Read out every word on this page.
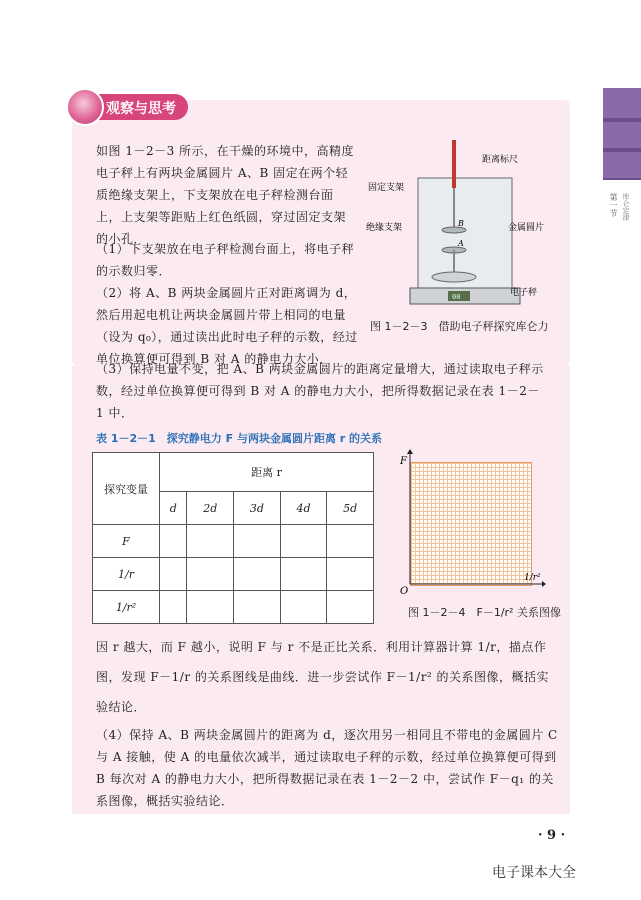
观察与思考
第一节 库仑定律
如图 1－2－3 所示，在干燥的环境中，高精度电子秤上有两块金属圆片 A、B 固定在两个轻质绝缘支架上，下支架放在电子秤检测台面上，上支架等距贴上红色纸圆，穿过固定支架的小孔．
（1）下支架放在电子秤检测台面上，将电子秤的示数归零．
（2）将 A、B 两块金属圆片正对距离调为 d，然后用起电机让两块金属圆片带上相同的电量（设为 q₀），通过读出此时电子秤的示数，经过单位换算便可得到 B 对 A 的静电力大小．
（3）保持电量不变，把 A、B 两块金属圆片的距离定量增大，通过读取电子秤示数，经过单位换算便可得到 B 对 A 的静电力大小，把所得数据记录在表 1－2－1 中．
00
B
A
距离标尺
固定支架
绝缘支架	金属圆片
电子秤
图 1－2－3　借助电子秤探究库仑力
表 1－2－1　探究静电力 F 与两块金属圆片距离 r 的关系
探究变量	距离 r				
	d	2d	3d	4d	5d
F					
1/r					
1/r²					
F
O
1/r²
图 1－2－4　F－1/r² 关系图像
因 r 越大，而 F 越小，说明 F 与 r 不是正比关系．利用计算器计算 1/r，描点作图，发现 F－1/r 的关系图线是曲线．进一步尝试作 F－1/r² 的关系图像，概括实验结论．
（4）保持 A、B 两块金属圆片的距离为 d，逐次用另一相同且不带电的金属圆片 C 与 A 接触，使 A 的电量依次减半，通过读取电子秤的示数，经过单位换算便可得到 B 每次对 A 的静电力大小，把所得数据记录在表 1－2－2 中，尝试作 F－q₁ 的关系图像，概括实验结论．
· 9 ·
电子课本大全
